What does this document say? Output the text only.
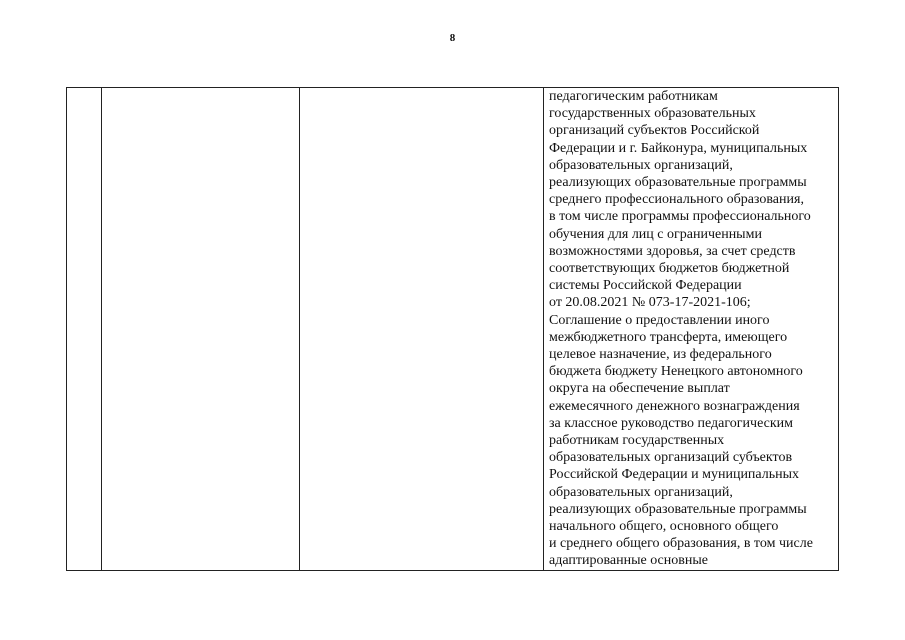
8
педагогическим работникам
государственных образовательных
организаций субъектов Российской
Федерации и г. Байконура, муниципальных
образовательных организаций,
реализующих образовательные программы
среднего профессионального образования,
в том числе программы профессионального
обучения для лиц с ограниченными
возможностями здоровья, за счет средств
соответствующих бюджетов бюджетной
системы Российской Федерации
от 20.08.2021 № 073-17-2021-106;
Соглашение о предоставлении иного
межбюджетного трансферта, имеющего
целевое назначение, из федерального
бюджета бюджету Ненецкого автономного
округа на обеспечение выплат
ежемесячного денежного вознаграждения
за классное руководство педагогическим
работникам государственных
образовательных организаций субъектов
Российской Федерации и муниципальных
образовательных организаций,
реализующих образовательные программы
начального общего, основного общего
и среднего общего образования, в том числе
адаптированные основные
